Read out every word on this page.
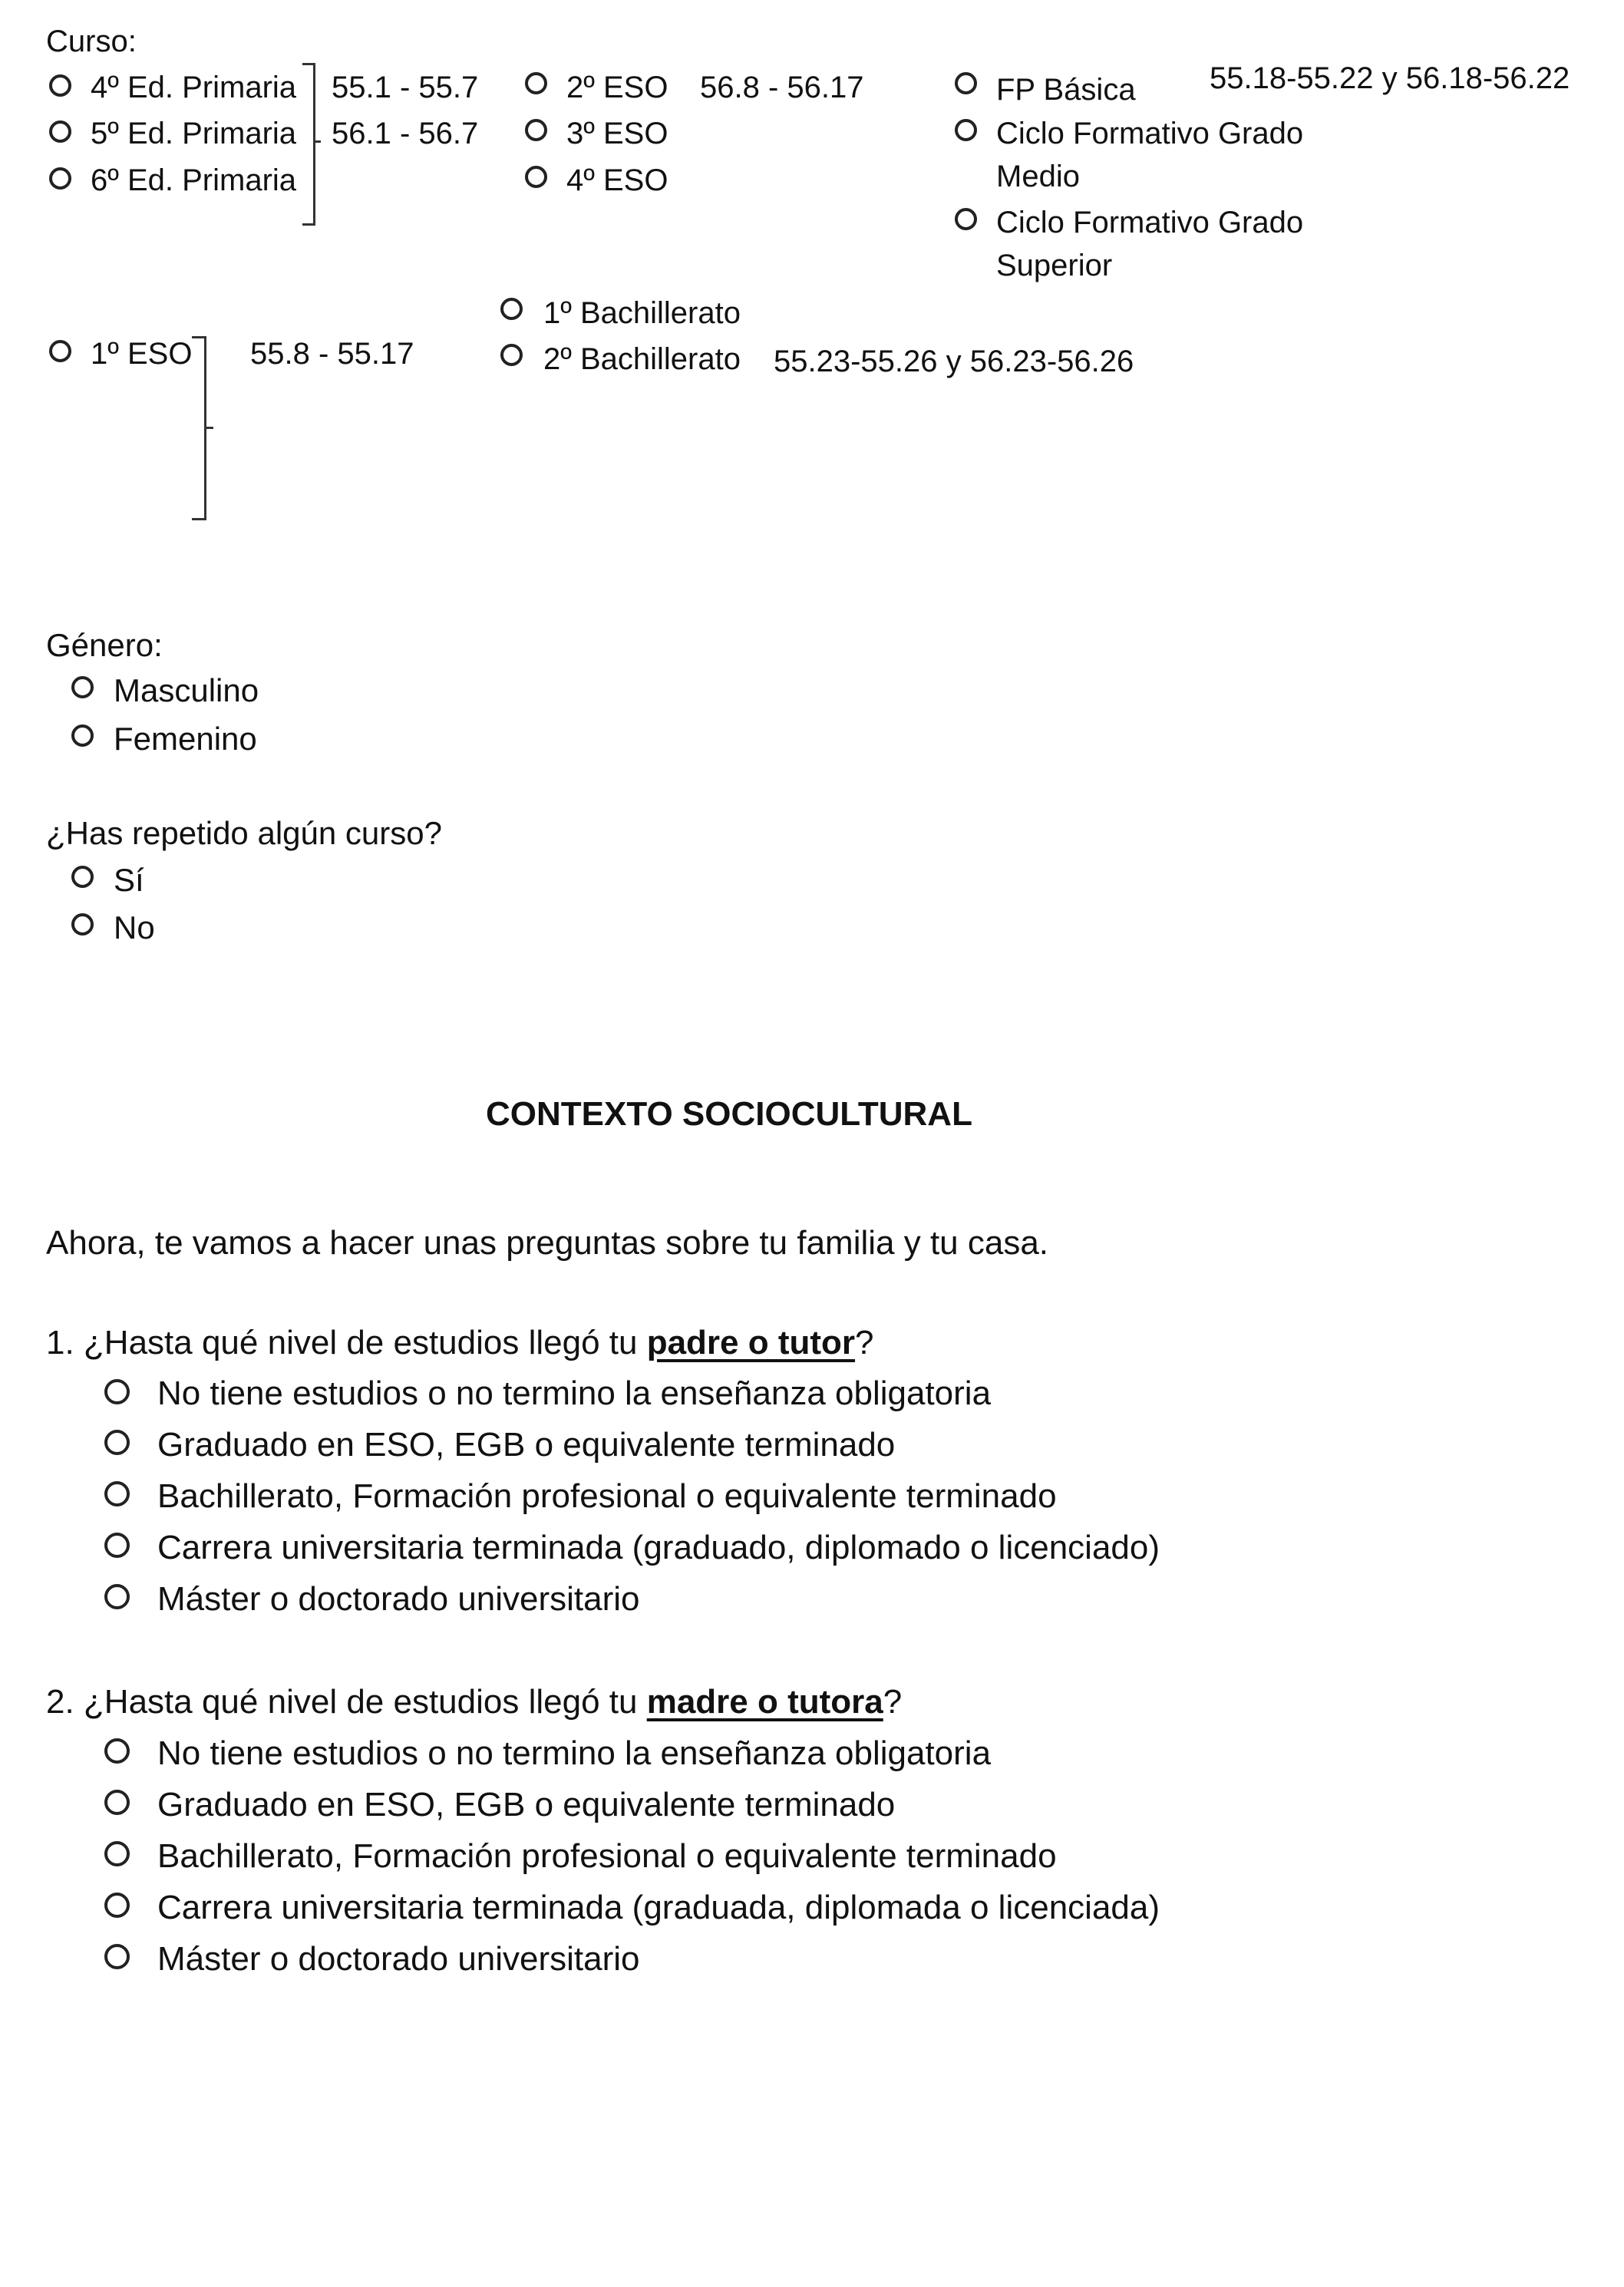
Curso:
4º Ed. Primaria 55.1 - 55.7
5º Ed. Primaria 56.1 - 56.7
6º Ed. Primaria
2º ESO 56.8 - 56.17
3º ESO
4º ESO
55.18-55.22 y 56.18-56.22
FP Básica
Ciclo Formativo Grado
Medio
Ciclo Formativo Grado
Superior
1º ESO 55.8 - 55.17
1º Bachillerato
2º Bachillerato 55.23-55.26 y 56.23-56.26
Género:
Masculino
Femenino
¿Has repetido algún curso?
Sí
No
CONTEXTO SOCIOCULTURAL
Ahora, te vamos a hacer unas preguntas sobre tu familia y tu casa.
1. ¿Hasta qué nivel de estudios llegó tu padre o tutor?
No tiene estudios o no termino la enseñanza obligatoria
Graduado en ESO, EGB o equivalente terminado
Bachillerato, Formación profesional o equivalente terminado
Carrera universitaria terminada (graduado, diplomado o licenciado)
Máster o doctorado universitario
2. ¿Hasta qué nivel de estudios llegó tu madre o tutora?
No tiene estudios o no termino la enseñanza obligatoria
Graduado en ESO, EGB o equivalente terminado
Bachillerato, Formación profesional o equivalente terminado
Carrera universitaria terminada (graduada, diplomada o licenciada)
Máster o doctorado universitario
